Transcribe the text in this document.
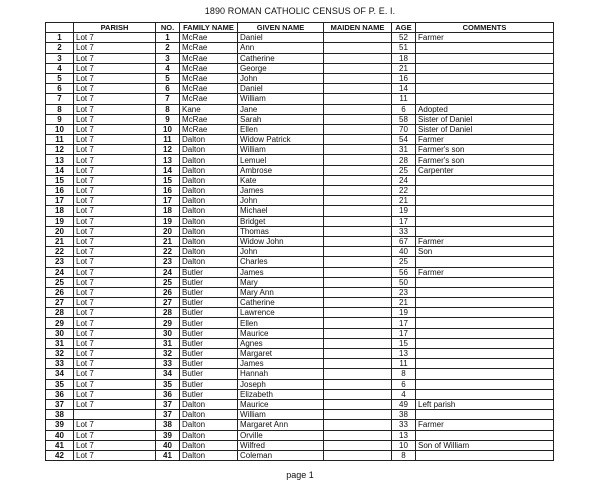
1890 ROMAN CATHOLIC CENSUS OF P. E. I.
	PARISH	NO.	FAMILY NAME	GIVEN NAME	MAIDEN NAME	AGE	COMMENTS
1	Lot 7	1	McRae	Daniel		52	Farmer
2	Lot 7	2	McRae	Ann		51	
3	Lot 7	3	McRae	Catherine		18	
4	Lot 7	4	McRae	George		21	
5	Lot 7	5	McRae	John		16	
6	Lot 7	6	McRae	Daniel		14	
7	Lot 7	7	McRae	William		11	
8	Lot 7	8	Kane	Jane		6	Adopted
9	Lot 7	9	McRae	Sarah		58	Sister of Daniel
10	Lot 7	10	McRae	Ellen		70	Sister of Daniel
11	Lot 7	11	Dalton	Widow Patrick		54	Farmer
12	Lot 7	12	Dalton	William		31	Farmer's son
13	Lot 7	13	Dalton	Lemuel		28	Farmer's son
14	Lot 7	14	Dalton	Ambrose		25	Carpenter
15	Lot 7	15	Dalton	Kate		24	
16	Lot 7	16	Dalton	James		22	
17	Lot 7	17	Dalton	John		21	
18	Lot 7	18	Dalton	Michael		19	
19	Lot 7	19	Dalton	Bridget		17	
20	Lot 7	20	Dalton	Thomas		33	
21	Lot 7	21	Dalton	Widow John		67	Farmer
22	Lot 7	22	Dalton	John		40	Son
23	Lot 7	23	Dalton	Charles		25	
24	Lot 7	24	Butler	James		56	Farmer
25	Lot 7	25	Butler	Mary		50	
26	Lot 7	26	Butler	Mary Ann		23	
27	Lot 7	27	Butler	Catherine		21	
28	Lot 7	28	Butler	Lawrence		19	
29	Lot 7	29	Butler	Ellen		17	
30	Lot 7	30	Butler	Maurice		17	
31	Lot 7	31	Butler	Agnes		15	
32	Lot 7	32	Butler	Margaret		13	
33	Lot 7	33	Butler	James		11	
34	Lot 7	34	Butler	Hannah		8	
35	Lot 7	35	Butler	Joseph		6	
36	Lot 7	36	Butler	Elizabeth		4	
37	Lot 7	37	Dalton	Maurice		49	Left parish
38		37	Dalton	William		38	
39	Lot 7	38	Dalton	Margaret Ann		33	Farmer
40	Lot 7	39	Dalton	Orville		13	
41	Lot 7	40	Dalton	Wilfred		10	Son of William
42	Lot 7	41	Dalton	Coleman		8	
page 1
